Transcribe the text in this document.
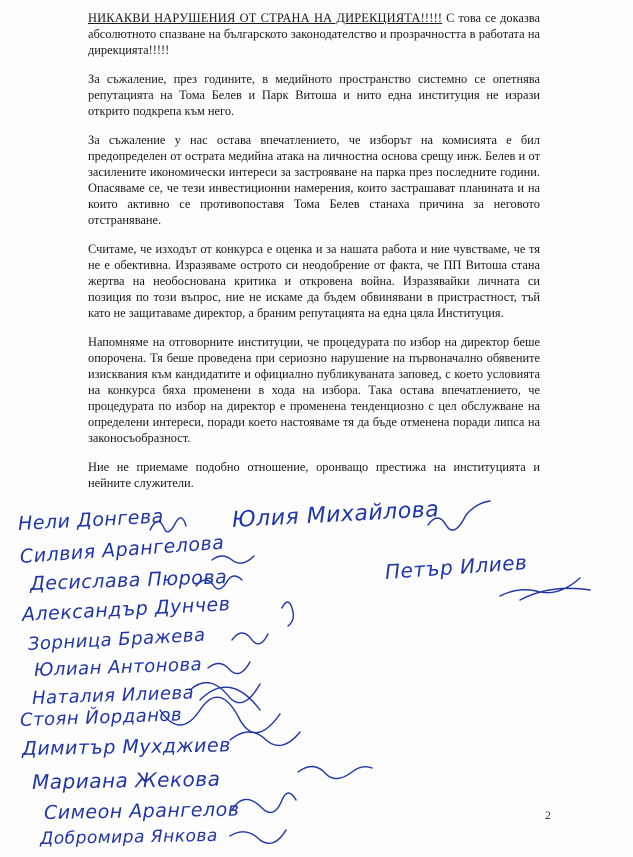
НИКАКВИ НАРУШЕНИЯ ОТ СТРАНА НА ДИРЕКЦИЯТА!!!!! С това се доказва абсолютното спазване на българското законодателство и прозрачността в работата на дирекцията!!!!!

За съжаление, през годините, в медийното пространство системно се опетнява репутацията на Тома Белев и Парк Витоша и нито една институция не изрази открито подкрепа към него.

За съжаление у нас остава впечатлението, че изборът на комисията е бил предопределен от острата медийна атака на личностна основа срещу инж. Белев и от засилените икономически интереси за застрояване на парка през последните години. Опасяваме се, че тези инвестиционни намерения, които застрашават планината и на които активно се противопоставя Тома Белев станаха причина за неговото отстраняване.

Считаме, че изходът от конкурса е оценка и за нашата работа и ние чувстваме, че тя не е обективна. Изразяваме остротo си неодобрение от факта, че ПП Витоша стана жертва на необоснована критика и откровена война. Изразявайки личната си позиция по този въпрос, ние не искаме да бъдем обвинявани в пристрастност, тъй като не защитаваме директор, а браним репутацията на една цяла Институция.

Напомняме на отговорните институции, че процедурата по избор на директор беше опорочена. Тя беше проведена при сериозно нарушение на първоначално обявените изисквания към кандидатите и официално публикуваната заповед, с което условията на конкурса бяха променени в хода на избора. Така остава впечатлението, че процедурата по избор на директор е променена тенденциозно с цел обслужване на определени интереси, поради което настояваме тя да бъде отменена поради липса на законосъобразност.

Ние не приемаме подобно отношение, оронващо престижа на институцията и нейните служители.

Нели Донгева	Юлия Михайлова
Силвия Арангелова
Десислава Пюрова	Петър Илиев
Александър Дунчев
Зорница Бражева
Юлиан Антонова
Наталия Илиева
Стоян Йорданов
Димитър Мухджиев
Мариана Жекова
Симеон Арангелов
Добромира Янкова
2
